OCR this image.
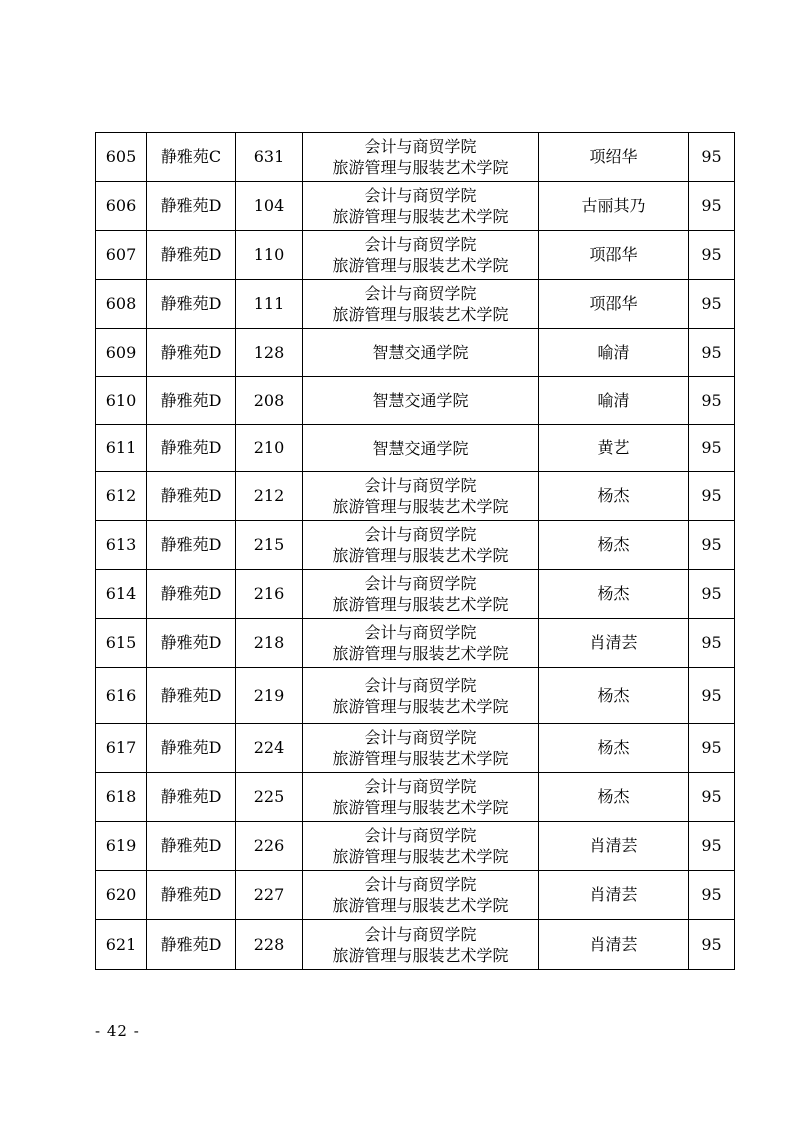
605	静雅苑C	631	会计与商贸学院
旅游管理与服装艺术学院	项绍华	95
606	静雅苑D	104	会计与商贸学院
旅游管理与服装艺术学院	古丽其乃	95
607	静雅苑D	110	会计与商贸学院
旅游管理与服装艺术学院	项邵华	95
608	静雅苑D	111	会计与商贸学院
旅游管理与服装艺术学院	项邵华	95
609	静雅苑D	128	智慧交通学院	喻清	95
610	静雅苑D	208	智慧交通学院	喻清	95
611	静雅苑D	210	智慧交通学院	黄艺	95
612	静雅苑D	212	会计与商贸学院
旅游管理与服装艺术学院	杨杰	95
613	静雅苑D	215	会计与商贸学院
旅游管理与服装艺术学院	杨杰	95
614	静雅苑D	216	会计与商贸学院
旅游管理与服装艺术学院	杨杰	95
615	静雅苑D	218	会计与商贸学院
旅游管理与服装艺术学院	肖清芸	95
616	静雅苑D	219	会计与商贸学院
旅游管理与服装艺术学院	杨杰	95
617	静雅苑D	224	会计与商贸学院
旅游管理与服装艺术学院	杨杰	95
618	静雅苑D	225	会计与商贸学院
旅游管理与服装艺术学院	杨杰	95
619	静雅苑D	226	会计与商贸学院
旅游管理与服装艺术学院	肖清芸	95
620	静雅苑D	227	会计与商贸学院
旅游管理与服装艺术学院	肖清芸	95
621	静雅苑D	228	会计与商贸学院
旅游管理与服装艺术学院	肖清芸	95
- 42 -
